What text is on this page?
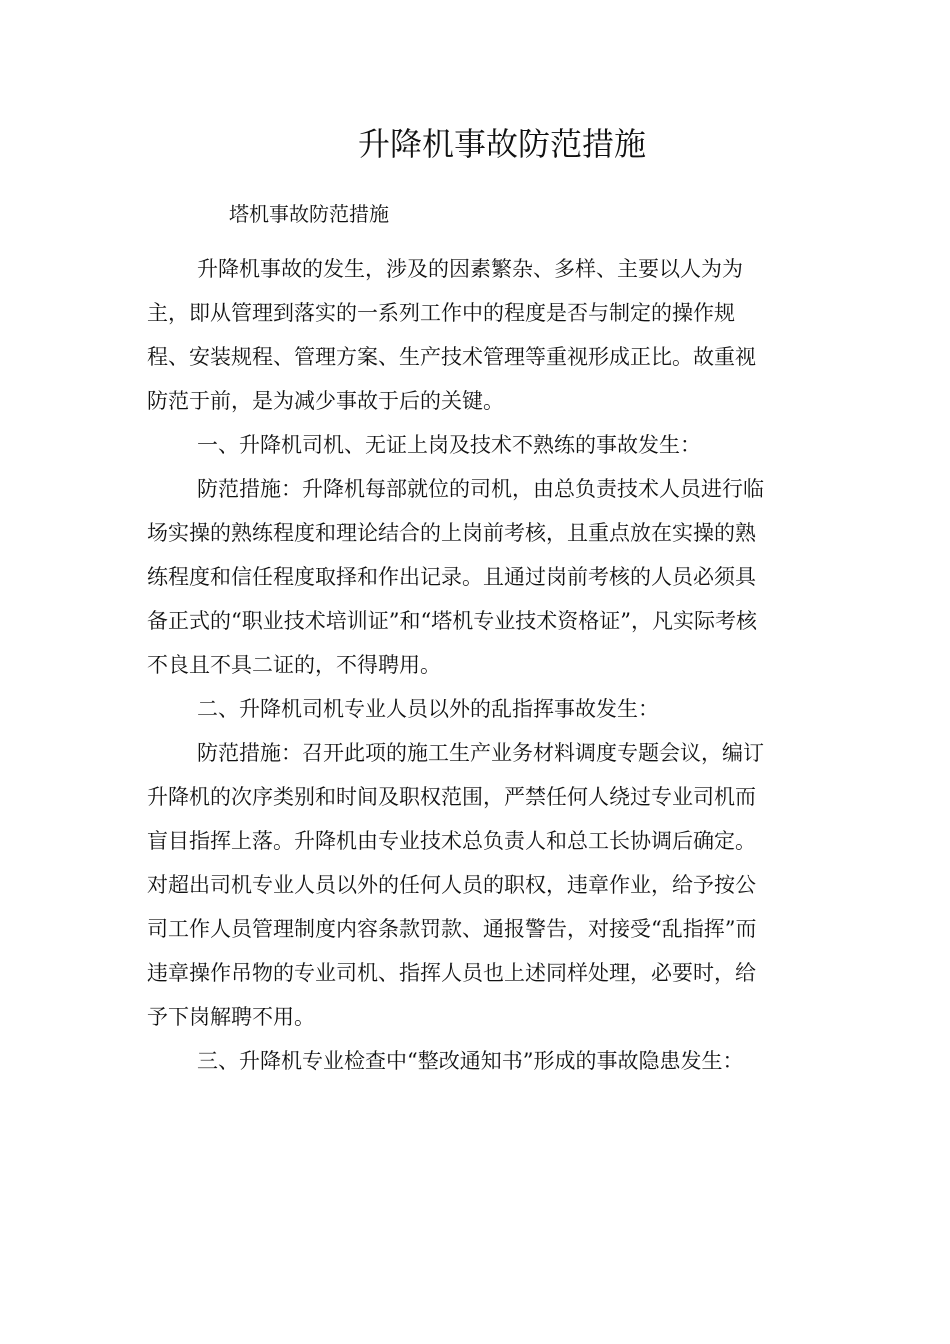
升降机事故防范措施
塔机事故防范措施

升降机事故的发生，涉及的因素繁杂、多样、主要以人为为
主，即从管理到落实的一系列工作中的程度是否与制定的操作规
程、安装规程、管理方案、生产技术管理等重视形成正比。故重视
防范于前，是为减少事故于后的关键。

一、升降机司机、无证上岗及技术不熟练的事故发生：

防范措施：升降机每部就位的司机，由总负责技术人员进行临
场实操的熟练程度和理论结合的上岗前考核，且重点放在实操的熟
练程度和信任程度取择和作出记录。且通过岗前考核的人员必须具
备正式的“职业技术培训证”和“塔机专业技术资格证”，凡实际考核
不良且不具二证的，不得聘用。

二、升降机司机专业人员以外的乱指挥事故发生：

防范措施：召开此项的施工生产业务材料调度专题会议，编订
升降机的次序类别和时间及职权范围，严禁任何人绕过专业司机而
盲目指挥上落。升降机由专业技术总负责人和总工长协调后确定。
对超出司机专业人员以外的任何人员的职权，违章作业，给予按公
司工作人员管理制度内容条款罚款、通报警告，对接受“乱指挥”而
违章操作吊物的专业司机、指挥人员也上述同样处理，必要时，给
予下岗解聘不用。

三、升降机专业检查中“整改通知书”形成的事故隐患发生：
